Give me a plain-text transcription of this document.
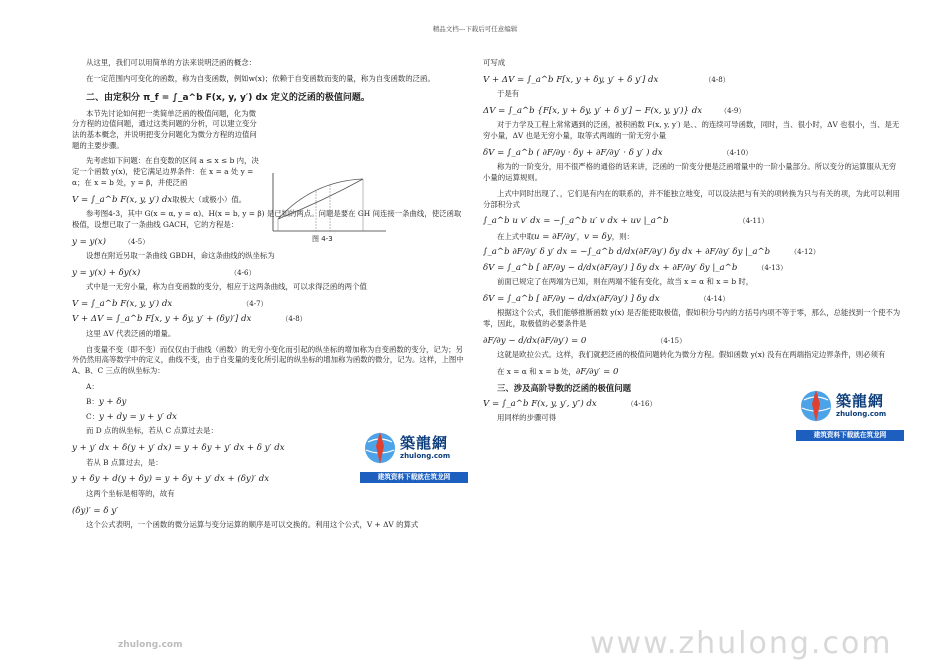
精品文档---下载后可任意编辑

从这里，我们可以用简单的方法来说明泛函的概念：

在一定范围内可变化的函数，称为自变函数，例如w(x)；依赖于自变函数而变的量，称为自变函数的泛函。

二、由定积分 π_f = ∫_a^b F(x, y, y′) dx 定义的泛函的极值问题。

本节先讨论如何把一类简单泛函的极值问题，化为微分方程的边值问题，通过这类问题的分析，可以建立变分法的基本概念，并说明把变分问题化为微分方程的边值问题的主要步骤。

先考虑如下问题：在自变数的区间 a ≤ x ≤ b 内，决定一个函数 y(x)，使它满足边界条件：在 x = a 处 y = α；在 x = b 处，y = β，并使泛函

V = ∫_a^b F(x, y, y′) dx取极大（或极小）值。

参考图4-3，其中 G(x = α, y = α)、H(x = b, y = β) 是已知的两点。问题是要在 GH 间连接一条曲线，使泛函取极值，设想已取了一条曲线 GACH，它的方程是：

y = y(x)	（4-5）

设想在附近另取一条曲线 GBDH，命这条曲线的纵坐标为

y = y(x) + δy(x)	（4-6）

式中是一无穷小量，称为自变函数的变分，相应于这两条曲线，可以求得泛函的两个值

V = ∫_a^b F(x, y, y′) dx	（4-7）
V + ΔV = ∫_a^b F[x, y + δy, y′ + (δy)′] dx	（4-8）

这里 ΔV 代表泛函的增量。

自变量不变（即不变）而仅仅由于曲线（函数）的无穷小变化而引起的纵坐标的增加称为自变函数的变分，记为；另外仍然用高等数学中的定义，曲线不变，由于自变量的变化所引起的纵坐标的增加称为函数的微分，记为。这样，上图中 A、B、C 三点的纵坐标为：

A：

B：y + δy
C：y + dy = y + y′ dx

而 D 点的纵坐标，若从 C 点算过去是：

y + y′ dx + δ(y + y′ dx) = y + δy + y′ dx + δ y′ dx

若从 B 点算过去，是：

y + δy + d(y + δy) = y + δy + y′ dx + (δy)′ dx

这两个坐标是相等的，故有

(δy)′ = δ y′

这个公式表明，一个函数的微分运算与变分运算的顺序是可以交换的。利用这个公式，V + ΔV 的算式

图 4-3

可写成

V + ΔV = ∫_a^b F[x, y + δy, y′ + δ y′] dx	（4-8）

于是有

ΔV = ∫_a^b {F[x, y + δy, y′ + δ y′] − F(x, y, y′)} dx	（4-9）

对于力学及工程上常常遇到的泛函，被积函数 F(x, y, y′) 是、、的连续可导函数，同时，当、很小时，ΔV 也很小，当、是无穷小量，ΔV 也是无穷小量，取等式两端的一阶无穷小量

δV = ∫_a^b ( ∂F/∂y · δy + ∂F/∂y′ · δ y′ ) dx	（4-10）

称为的一阶变分，用不很严格的通俗的话来讲，泛函的一阶变分便是泛函增量中的一阶小量部分。所以变分的运算服从无穷小量的运算规则。

上式中同时出现了、，它们是有内在的联系的，并不能独立地变，可以设法把与有关的项转换为只与有关的项，为此可以利用分部积分式

∫_a^b u v′ dx = −∫_a^b u′ v dx + uv |_a^b	（4-11）
在上式中取u = ∂F/∂y′，v = δy，则：
∫_a^b ∂F/∂y′ δ y′ dx = −∫_a^b d/dx(∂F/∂y′) δy dx + ∂F/∂y′ δy |_a^b	（4-12）
δV = ∫_a^b [ ∂F/∂y − d/dx(∂F/∂y′) ] δy dx + ∂F/∂y′ δy |_a^b	（4-13）

前面已规定了在两端为已知，则在两端不能有变化，故当 x = α 和 x = b 时，

δV = ∫_a^b [ ∂F/∂y − d/dx(∂F/∂y′) ] δy dx	（4-14）

根据这个公式，我们能够推断函数 y(x) 是否能使取极值，假如积分号内的方括号内项不等于零，那么，总能找到一个使不为零，因此，取极值的必要条件是

∂F/∂y − d/dx(∂F/∂y′) = 0	（4-15）

这就是欧拉公式。这样，我们就把泛函的极值问题转化为微分方程。假如函数 y(x) 没有在两端指定边界条件，则必须有

在 x = α 和 x = b 处，∂F/∂y′ = 0
三、涉及高阶导数的泛函的极值问题
V = ∫_a^b F(x, y, y′, y″) dx	（4-16）

用同样的步骤可得

築龍網
zhulong.com
建筑资料下载就在筑龙网
築龍網
zhulong.com
建筑资料下载就在筑龙网
www.zhulong.com
zhulong.com
